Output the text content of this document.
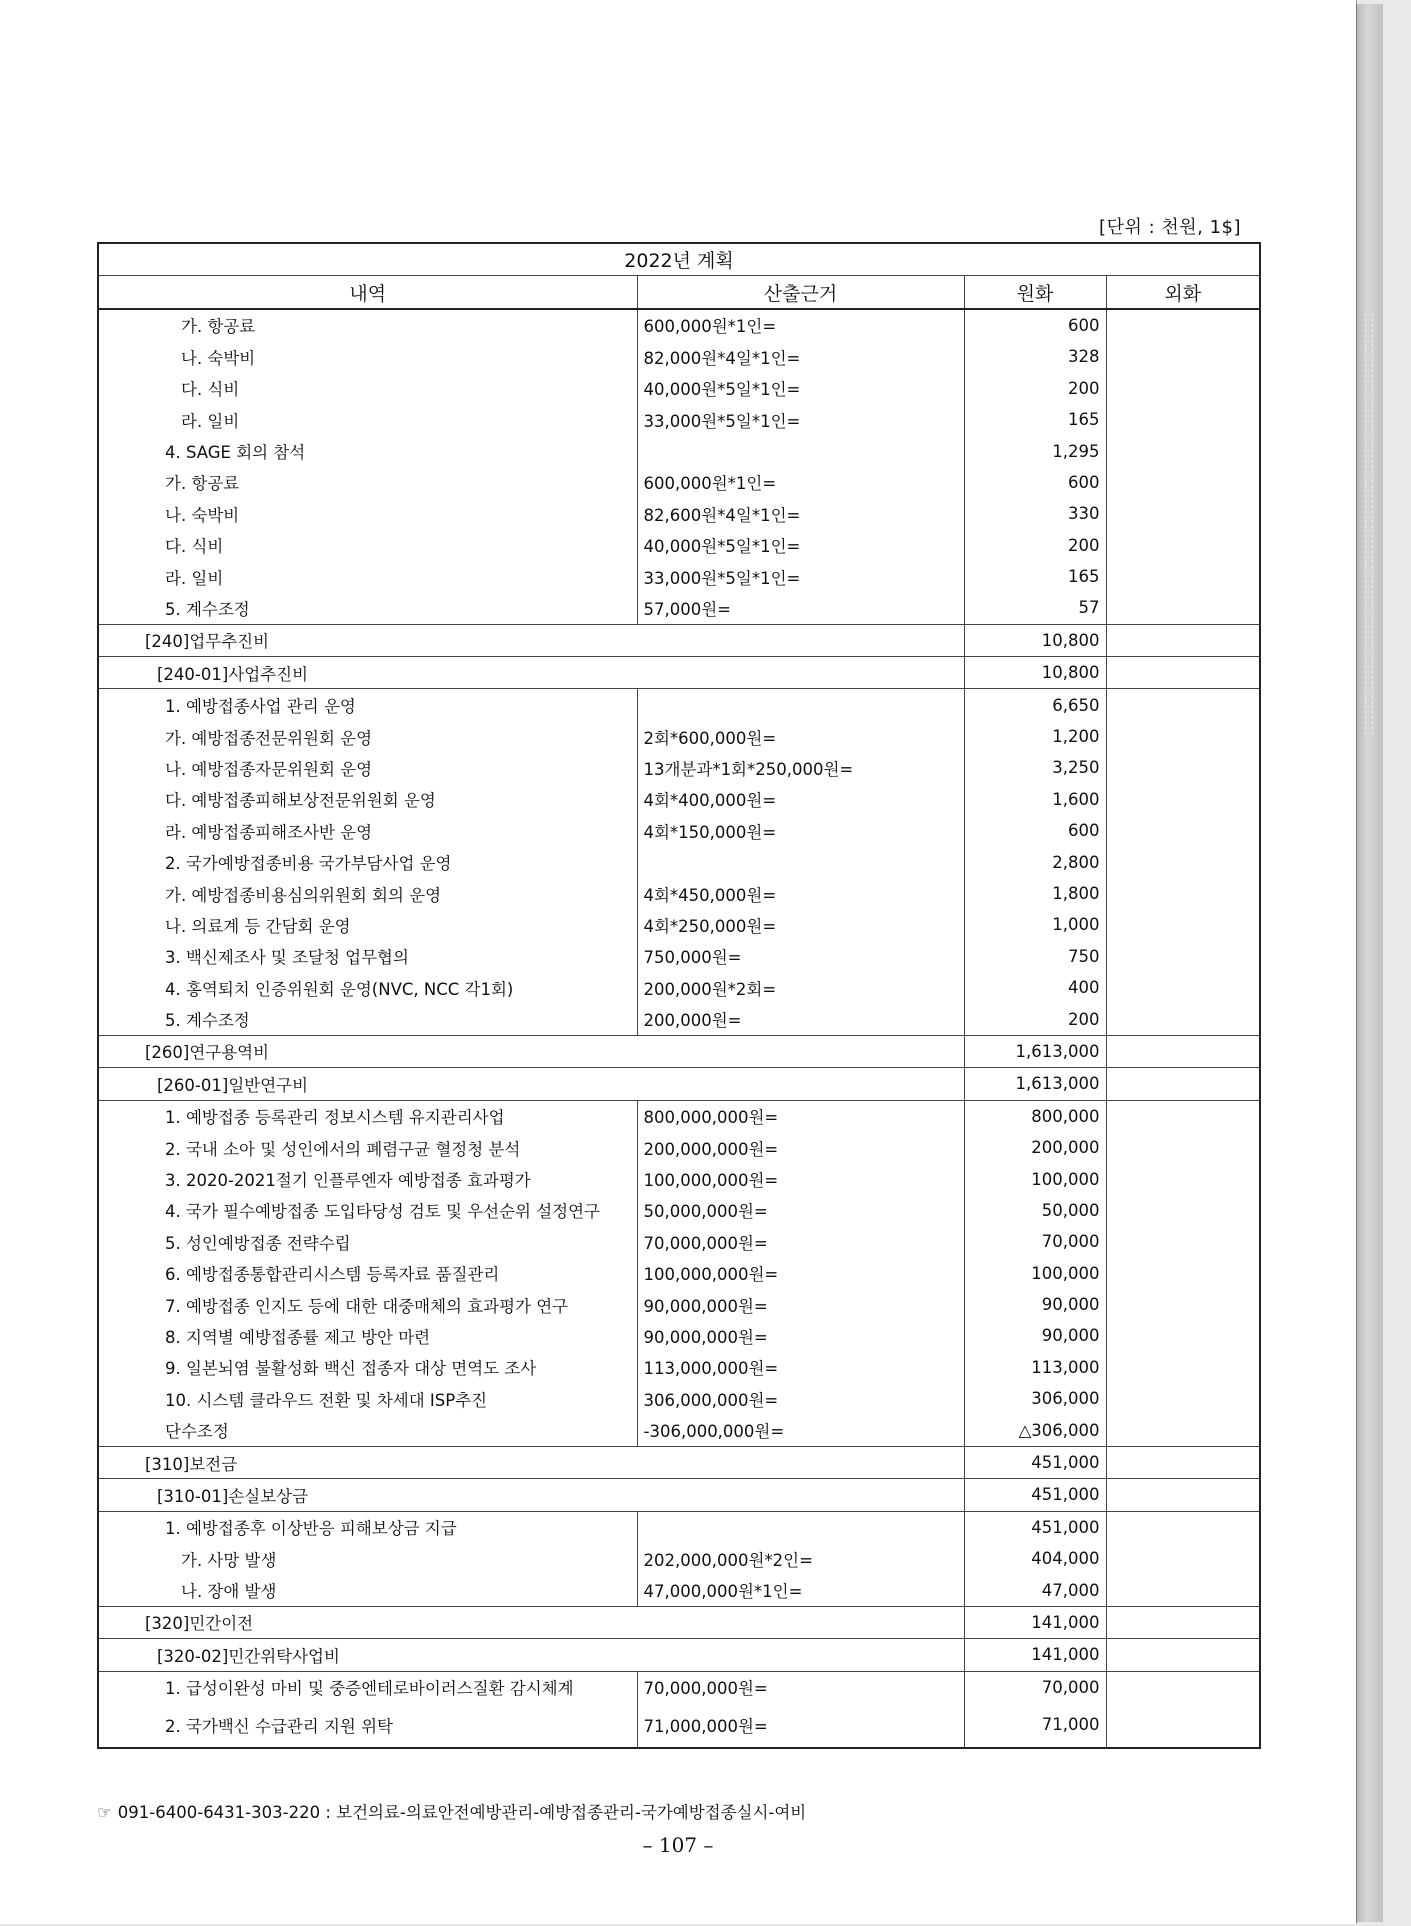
[단위 : 천원, 1$]
2022년 계획			
내역	산출근거	원화	외화
가. 항공료	600,000원*1인=	600	
나. 숙박비	82,000원*4일*1인=	328	
다. 식비	40,000원*5일*1인=	200	
라. 일비	33,000원*5일*1인=	165	
4. SAGE 회의 참석		1,295	
가. 항공료	600,000원*1인=	600	
나. 숙박비	82,600원*4일*1인=	330	
다. 식비	40,000원*5일*1인=	200	
라. 일비	33,000원*5일*1인=	165	
5. 계수조정	57,000원=	57	
[240]업무추진비		10,800	
[240-01]사업추진비		10,800	
1. 예방접종사업 관리 운영		6,650	
가. 예방접종전문위원회 운영	2회*600,000원=	1,200	
나. 예방접종자문위원회 운영	13개분과*1회*250,000원=	3,250	
다. 예방접종피해보상전문위원회 운영	4회*400,000원=	1,600	
라. 예방접종피해조사반 운영	4회*150,000원=	600	
2. 국가예방접종비용 국가부담사업 운영		2,800	
가. 예방접종비용심의위원회 회의 운영	4회*450,000원=	1,800	
나. 의료계 등 간담회 운영	4회*250,000원=	1,000	
3. 백신제조사 및 조달청 업무협의	750,000원=	750	
4. 홍역퇴치 인증위원회 운영(NVC, NCC 각1회)	200,000원*2회=	400	
5. 계수조정	200,000원=	200	
[260]연구용역비		1,613,000	
[260-01]일반연구비		1,613,000	
1. 예방접종 등록관리 정보시스템 유지관리사업	800,000,000원=	800,000	
2. 국내 소아 및 성인에서의 폐렴구균 혈정청 분석	200,000,000원=	200,000	
3. 2020-2021절기 인플루엔자 예방접종 효과평가	100,000,000원=	100,000	
4. 국가 필수예방접종 도입타당성 검토 및 우선순위 설정연구	50,000,000원=	50,000	
5. 성인예방접종 전략수립	70,000,000원=	70,000	
6. 예방접종통합관리시스템 등록자료 품질관리	100,000,000원=	100,000	
7. 예방접종 인지도 등에 대한 대중매체의 효과평가 연구	90,000,000원=	90,000	
8. 지역별 예방접종률 제고 방안 마련	90,000,000원=	90,000	
9. 일본뇌염 불활성화 백신 접종자 대상 면역도 조사	113,000,000원=	113,000	
10. 시스템 클라우드 전환 및 차세대 ISP추진	306,000,000원=	306,000	
단수조정	-306,000,000원=	△306,000	
[310]보전금		451,000	
[310-01]손실보상금		451,000	
1. 예방접종후 이상반응 피해보상금 지급		451,000	
가. 사망 발생	202,000,000원*2인=	404,000	
나. 장애 발생	47,000,000원*1인=	47,000	
[320]민간이전		141,000	
[320-02]민간위탁사업비		141,000	
1. 급성이완성 마비 및 중증엔테로바이러스질환 감시체계	70,000,000원=	70,000	
2. 국가백신 수급관리 지원 위탁	71,000,000원=	71,000	
☞ 091-6400-6431-303-220 : 보건의료-의료안전예방관리-예방접종관리-국가예방접종실시-여비
– 107 –
